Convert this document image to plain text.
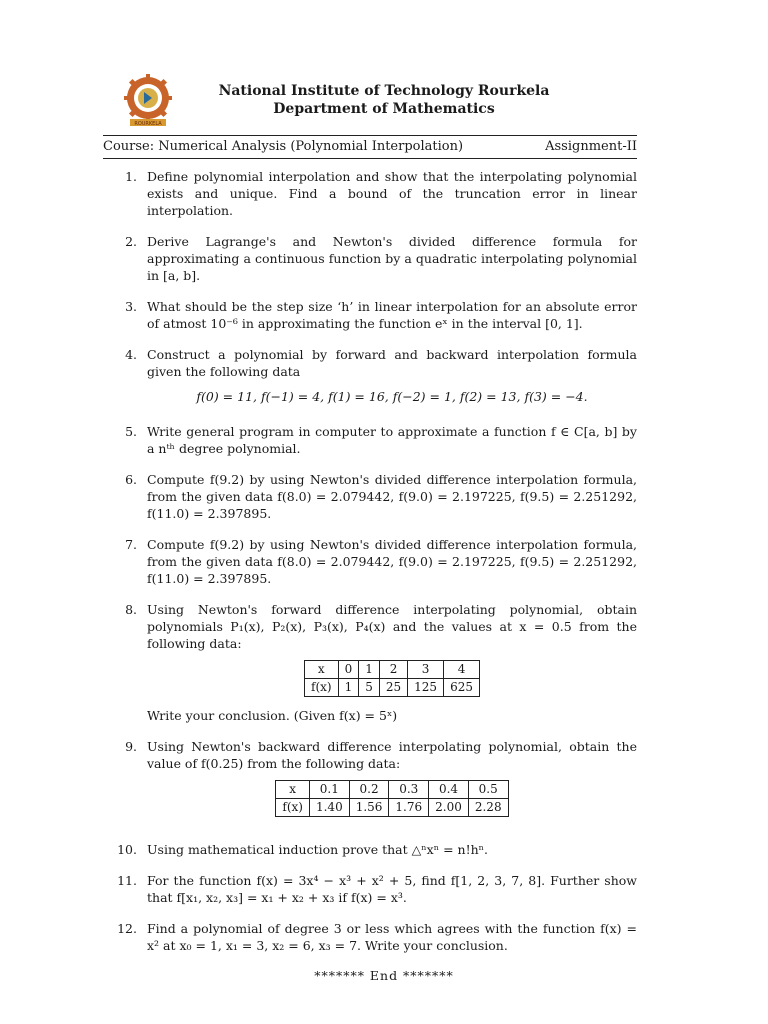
ROURKELA
National Institute of Technology Rourkela
Department of Mathematics
Course: Numerical Analysis (Polynomial Interpolation)	Assignment-II
1. Define polynomial interpolation and show that the interpolating polynomial exists and unique. Find a bound of the truncation error in linear interpolation.
2. Derive Lagrange's and Newton's divided difference formula for approximating a continuous function by a quadratic interpolating polynomial in [a, b].
3. What should be the step size ‘h’ in linear interpolation for an absolute error of atmost 10⁻⁶ in approximating the function eˣ in the interval [0, 1].
4. Construct a polynomial by forward and backward interpolation formula given the following data
f(0) = 11, f(−1) = 4, f(1) = 16, f(−2) = 1, f(2) = 13, f(3) = −4.
5. Write general program in computer to approximate a function f ∈ C[a, b] by a nᵗʰ degree polynomial.
6. Compute f(9.2) by using Newton's divided difference interpolation formula, from the given data f(8.0) = 2.079442, f(9.0) = 2.197225, f(9.5) = 2.251292, f(11.0) = 2.397895.
7. Compute f(9.2) by using Newton's divided difference interpolation formula, from the given data f(8.0) = 2.079442, f(9.0) = 2.197225, f(9.5) = 2.251292, f(11.0) = 2.397895.
8. Using Newton's forward difference interpolating polynomial, obtain polynomials P₁(x), P₂(x), P₃(x), P₄(x) and the values at x = 0.5 from the following data:
x	0	1	2	3	4
f(x)	1	5	25	125	625
Write your conclusion. (Given f(x) = 5ˣ)
9. Using Newton's backward difference interpolating polynomial, obtain the value of f(0.25) from the following data:
x	0.1	0.2	0.3	0.4	0.5
f(x)	1.40	1.56	1.76	2.00	2.28
10. Using mathematical induction prove that △ⁿxⁿ = n!hⁿ.
11. For the function f(x) = 3x⁴ − x³ + x² + 5, find f[1, 2, 3, 7, 8]. Further show that f[x₁, x₂, x₃] = x₁ + x₂ + x₃ if f(x) = x³.
12. Find a polynomial of degree 3 or less which agrees with the function f(x) = x² at x₀ = 1, x₁ = 3, x₂ = 6, x₃ = 7. Write your conclusion.
******* End *******
